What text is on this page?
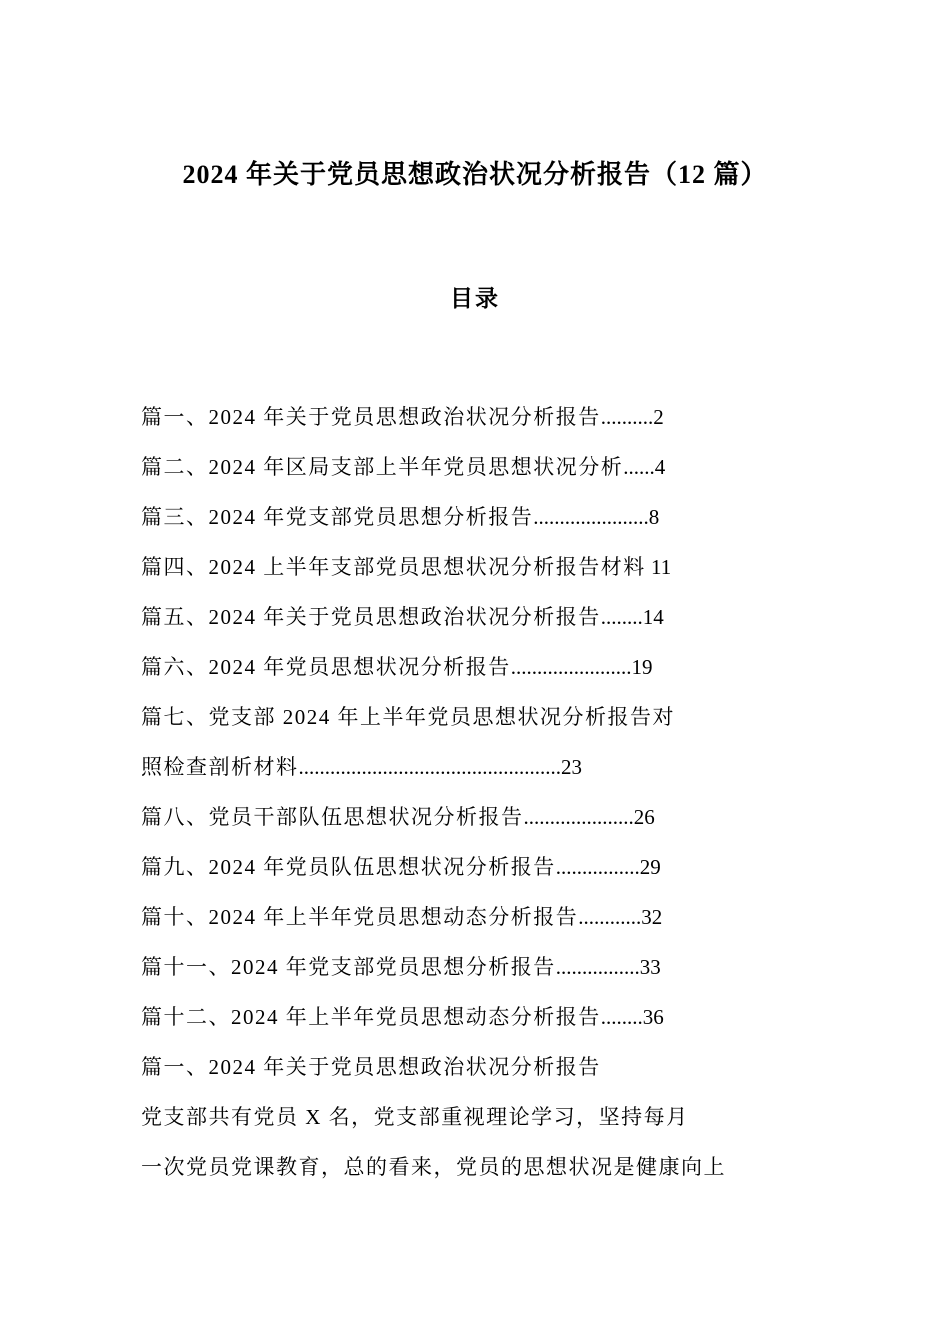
2024 年关于党员思想政治状况分析报告（12 篇）
目录
篇一、2024 年关于党员思想政治状况分析报告..........2
篇二、2024 年区局支部上半年党员思想状况分析......4
篇三、2024 年党支部党员思想分析报告......................8
篇四、2024 上半年支部党员思想状况分析报告材料 11
篇五、2024 年关于党员思想政治状况分析报告........14
篇六、2024 年党员思想状况分析报告.......................19
篇七、党支部 2024 年上半年党员思想状况分析报告对
照检查剖析材料..................................................23
篇八、党员干部队伍思想状况分析报告.....................26
篇九、2024 年党员队伍思想状况分析报告................29
篇十、2024 年上半年党员思想动态分析报告............32
篇十一、2024 年党支部党员思想分析报告................33
篇十二、2024 年上半年党员思想动态分析报告........36
篇一、2024 年关于党员思想政治状况分析报告
党支部共有党员 X 名，党支部重视理论学习，坚持每月
一次党员党课教育，总的看来，党员的思想状况是健康向上
